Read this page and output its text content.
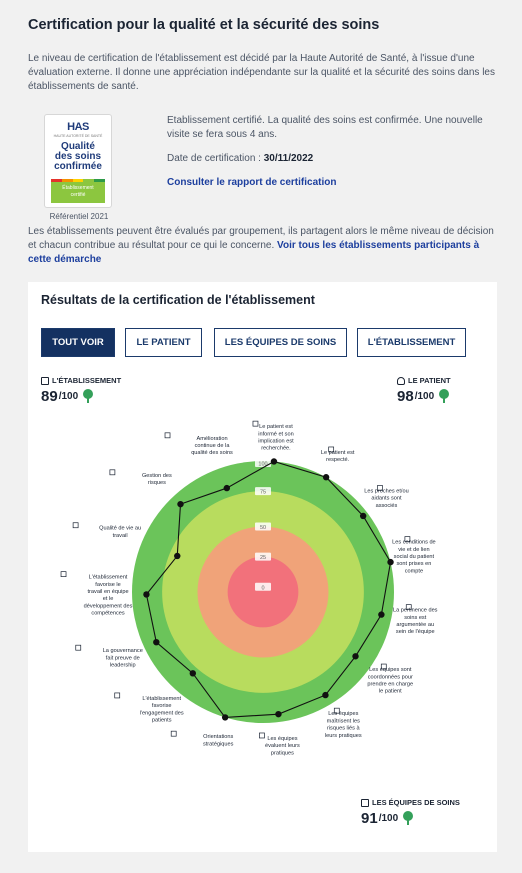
Certification pour la qualité et la sécurité des soins
Le niveau de certification de l'établissement est décidé par la Haute Autorité de Santé, à l'issue d'une évaluation externe. Il donne une appréciation indépendante sur la qualité et la sécurité des soins dans les établissements de santé.
HAS
HAUTE AUTORITÉ DE SANTÉ
Qualité
des soins
confirmée
Établissement
certifié
Référentiel 2021
Etablissement certifié. La qualité des soins est confirmée. Une nouvelle visite se fera sous 4 ans.
Date de certification : 30/11/2022
Consulter le rapport de certification
Les établissements peuvent être évalués par groupement, ils partagent alors le même niveau de décision et chacun contribue au résultat pour ce qui le concerne. Voir tous les établissements participants à cette démarche
Résultats de la certification de l'établissement
TOUT VOIR	LE PATIENT	LES ÉQUIPES DE SOINS	L'ÉTABLISSEMENT
L'ÉTABLISSEMENT
89 /100
LE PATIENT
98 /100
LES ÉQUIPES DE SOINS
91 /100
0
25
50
75
100
Le patient est
respecté.
Les proches et/ou
aidants sont
associés
Les conditions de
vie et de lien
social du patient
sont prises en
compte
La pertinence des
soins est
argumentée au
sein de l'équipe
Les équipes sont
coordonnées pour
prendre en charge
le patient
Les équipes
maîtrisent les
risques liés à
leurs pratiques
Les équipes
évaluent leurs
pratiques
Orientations
stratégiques
L'établissement
favorise
l'engagement des
patients
La gouvernance
fait preuve de
leadership
L'établissement
favorise le
travail en équipe
et le
développement des
compétences
Qualité de vie au
travail
Gestion des
risques
Amélioration
continue de la
qualité des soins
Le patient est
informé et son
implication est
recherchée.
